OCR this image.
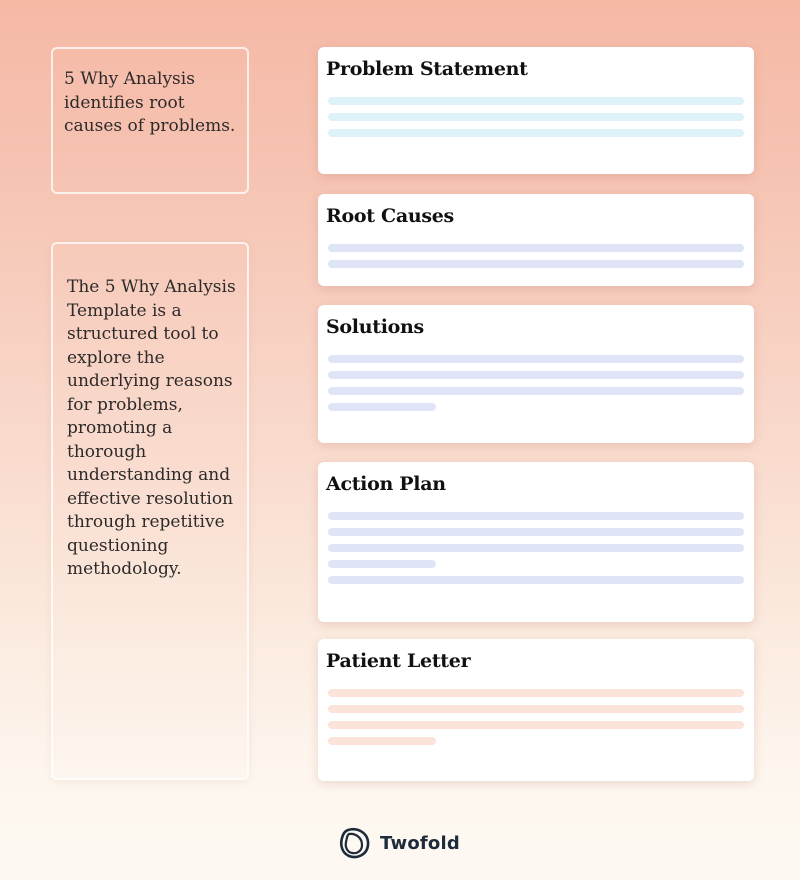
5 Why Analysis identifies root causes of problems.
The 5 Why Analysis Template is a structured tool to explore the underlying reasons for problems, promoting a thorough understanding and effective resolution through repetitive questioning methodology.
Problem Statement
Root Causes
Solutions
Action Plan
Patient Letter
Twofold
